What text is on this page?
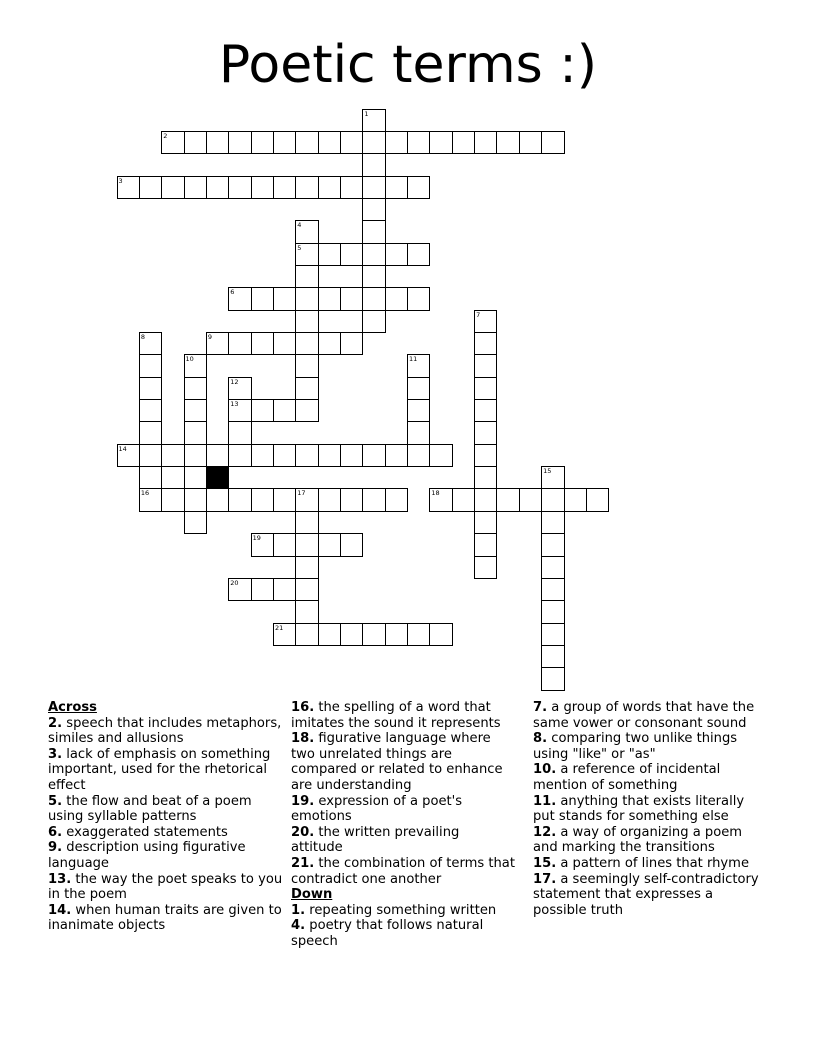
Poetic terms :)
1
2
3
4
5
6
7
8	9
10	11
12
13
14
15
16	17	18
19
20
21
Across
2. speech that includes metaphors, similes and allusions
3. lack of emphasis on something important, used for the rhetorical effect
5. the flow and beat of a poem using syllable patterns
6. exaggerated statements
9. description using figurative language
13. the way the poet speaks to you in the poem
14. when human traits are given to inanimate objects
16. the spelling of a word that imitates the sound it represents
18. figurative language where two unrelated things are compared or related to enhance are understanding
19. expression of a poet's emotions
20. the written prevailing attitude
21. the combination of terms that contradict one another
Down
1. repeating something written
4. poetry that follows natural speech
7. a group of words that have the same vower or consonant sound
8. comparing two unlike things using "like" or "as"
10. a reference of incidental mention of something
11. anything that exists literally put stands for something else
12. a way of organizing a poem and marking the transitions
15. a pattern of lines that rhyme
17. a seemingly self-contradictory statement that expresses a possible truth
